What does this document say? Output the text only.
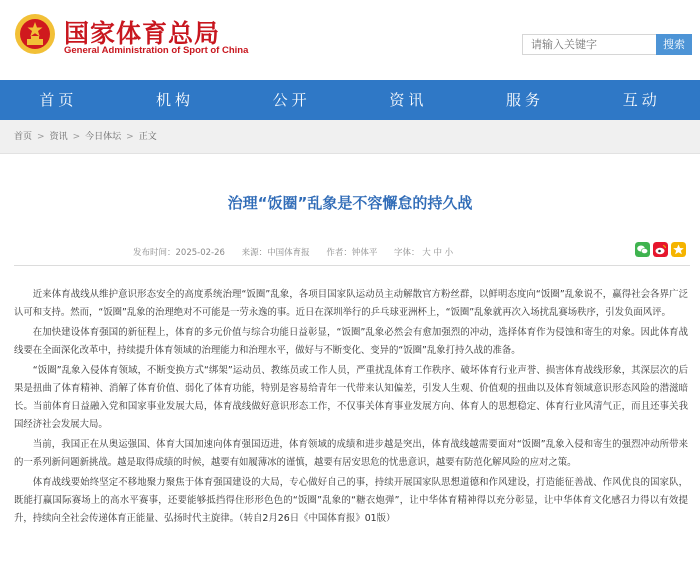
国家体育总局
General Administration of Sport of China
请输入关键字	搜索
首页	机构	公开	资讯	服务	互动
首页 > 资讯 > 今日体坛 > 正文
治理“饭圈”乱象是不容懈怠的持久战
发布时间：2025-02-26 来源：中国体育报 作者：钟体平 字体： 大 中 小

近来体育战线从维护意识形态安全的高度系统治理“饭圈”乱象，各项目国家队运动员主动解散官方粉丝群，以鲜明态度向“饭圈”乱象说不，赢得社会各界广泛认可和支持。然而，“饭圈”乱象的治理绝对不可能是一劳永逸的事。近日在深圳举行的乒乓球亚洲杯上，“饭圈”乱象就再次入场扰乱赛场秩序，引发负面风评。

在加快建设体育强国的新征程上，体育的多元价值与综合功能日益彰显，“饭圈”乱象必然会有愈加强烈的冲动，选择体育作为侵蚀和寄生的对象。因此体育战线要在全面深化改革中，持续提升体育领域的治理能力和治理水平，做好与不断变化、变异的“饭圈”乱象打持久战的准备。

“饭圈”乱象入侵体育领域，不断变换方式“绑架”运动员、教练员或工作人员，严重扰乱体育工作秩序、破坏体育行业声誉、损害体育战线形象，其深层次的后果是扭曲了体育精神、消解了体育价值、弱化了体育功能，特别是容易给青年一代带来认知偏差，引发人生观、价值观的扭曲以及体育领域意识形态风险的潜滋暗长。当前体育日益融入党和国家事业发展大局，体育战线做好意识形态工作，不仅事关体育事业发展方向、体育人的思想稳定、体育行业风清气正，而且还事关我国经济社会发展大局。

当前，我国正在从奥运强国、体育大国加速向体育强国迈进，体育领域的成绩和进步越是突出，体育战线越需要面对“饭圈”乱象入侵和寄生的强烈冲动所带来的一系列新问题新挑战。越是取得成绩的时候，越要有如履薄冰的谨慎，越要有居安思危的忧患意识，越要有防范化解风险的应对之策。

体育战线要始终坚定不移地聚力聚焦于体育强国建设的大局，专心做好自己的事，持续开展国家队思想道德和作风建设，打造能征善战、作风优良的国家队，既能打赢国际赛场上的高水平赛事，还要能够抵挡得住形形色色的“饭圈”乱象的“糖衣炮弹”，让中华体育精神得以充分彰显，让中华体育文化感召力得以有效提升，持续向全社会传递体育正能量、弘扬时代主旋律。（转自2月26日《中国体育报》01版）
